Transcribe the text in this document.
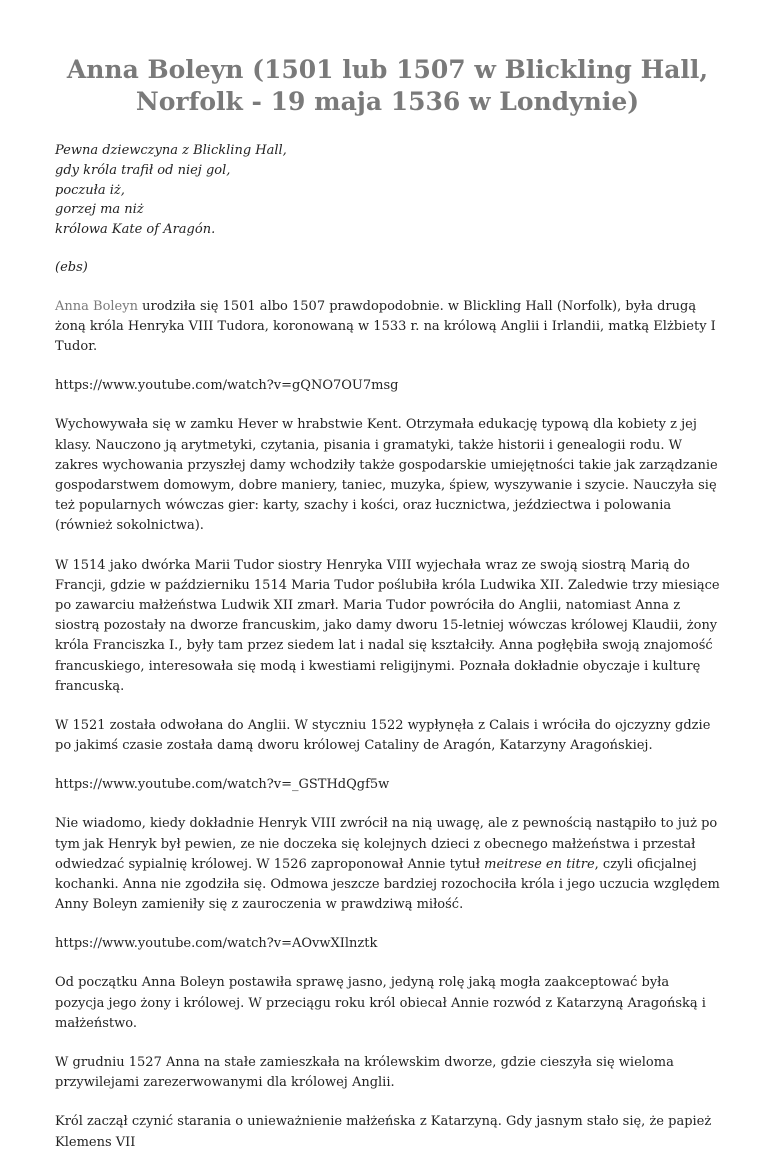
Anna Boleyn (1501 lub 1507 w Blickling Hall, Norfolk - 19 maja 1536 w Londynie)
Pewna dziewczyna z Blickling Hall,
gdy króla trafił od niej gol,
poczuła iż,
gorzej ma niż
królowa Kate of Aragón.

(ebs)

Anna Boleyn urodziła się 1501 albo 1507 prawdopodobnie. w Blickling Hall (Norfolk), była drugą żoną króla Henryka VIII Tudora, koronowaną w 1533 r. na królową Anglii i Irlandii, matką Elżbiety I Tudor.

https://www.youtube.com/watch?v=gQNO7OU7msg

Wychowywała się w zamku Hever w hrabstwie Kent. Otrzymała edukację typową dla kobiety z jej klasy. Nauczono ją arytmetyki, czytania, pisania i gramatyki, także historii i genealogii rodu. W zakres wychowania przyszłej damy wchodziły także gospodarskie umiejętności takie jak zarządzanie gospodarstwem domowym, dobre maniery, taniec, muzyka, śpiew, wyszywanie i szycie. Nauczyła się też popularnych wówczas gier: karty, szachy i kości, oraz łucznictwa, jeździectwa i polowania (również sokolnictwa).

W 1514 jako dwórka Marii Tudor siostry Henryka VIII wyjechała wraz ze swoją siostrą Marią do Francji, gdzie w październiku 1514 Maria Tudor poślubiła króla Ludwika XII. Zaledwie trzy miesiące po zawarciu małżeństwa Ludwik XII zmarł. Maria Tudor powróciła do Anglii, natomiast Anna z siostrą pozostały na dworze francuskim, jako damy dworu 15-letniej wówczas królowej Klaudii, żony króla Franciszka I., były tam przez siedem lat i nadal się kształciły. Anna pogłębiła swoją znajomość francuskiego, interesowała się modą i kwestiami religijnymi. Poznała dokładnie obyczaje i kulturę francuską.

W 1521 została odwołana do Anglii. W styczniu 1522 wypłynęła z Calais i wróciła do ojczyzny gdzie po jakimś czasie została damą dworu królowej Cataliny de Aragón, Katarzyny Aragońskiej.

https://www.youtube.com/watch?v=_GSTHdQgf5w

Nie wiadomo, kiedy dokładnie Henryk VIII zwrócił na nią uwagę, ale z pewnością nastąpiło to już po tym jak Henryk był pewien, ze nie doczeka się kolejnych dzieci z obecnego małżeństwa i przestał odwiedzać sypialnię królowej. W 1526 zaproponował Annie tytuł meitrese en titre, czyli oficjalnej kochanki. Anna nie zgodziła się. Odmowa jeszcze bardziej rozochociła króla i jego uczucia względem Anny Boleyn zamieniły się z zauroczenia w prawdziwą miłość.

https://www.youtube.com/watch?v=AOvwXIlnztk

Od początku Anna Boleyn postawiła sprawę jasno, jedyną rolę jaką mogła zaakceptować była pozycja jego żony i królowej. W przeciągu roku król obiecał Annie rozwód z Katarzyną Aragońską i małżeństwo.

W grudniu 1527 Anna na stałe zamieszkała na królewskim dworze, gdzie cieszyła się wieloma przywilejami zarezerwowanymi dla królowej Anglii.

Król zaczął czynić starania o unieważnienie małżeńska z Katarzyną. Gdy jasnym stało się, że papież Klemens VII
